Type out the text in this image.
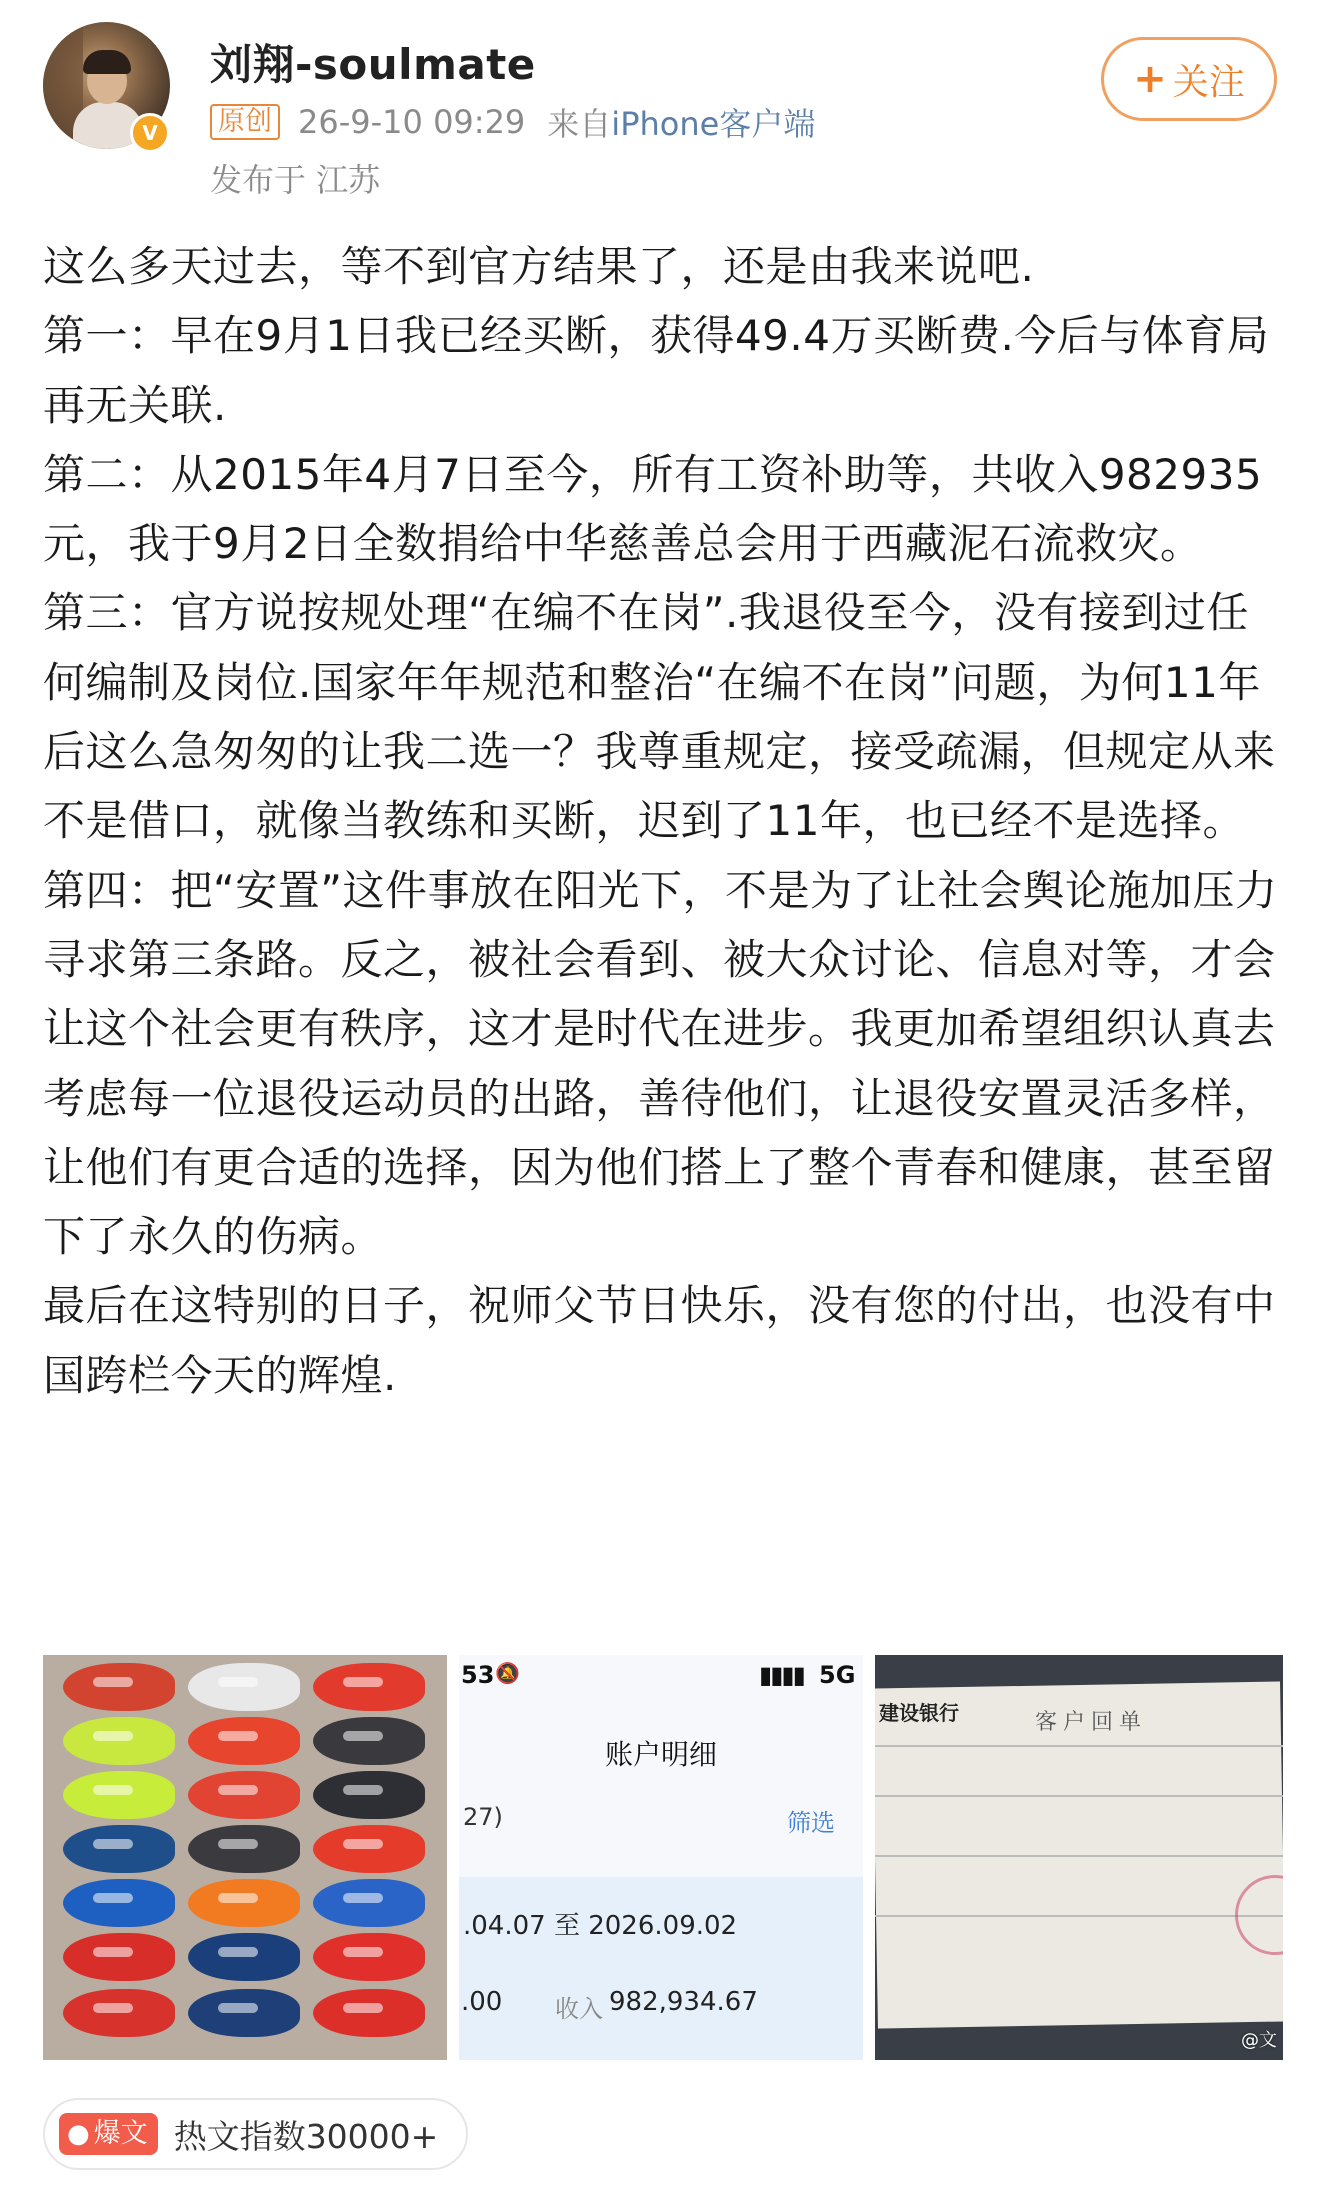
V
刘翔-soulmate
原创 26-9-10 09:29 来自 iPhone客户端
发布于 江苏
+ 关注

这么多天过去，等不到官方结果了，还是由我来说吧.

第一：早在9月1日我已经买断，获得49.4万买断费.今后与体育局再无关联.

第二：从2015年4月7日至今，所有工资补助等，共收入982935元，我于9月2日全数捐给中华慈善总会用于西藏泥石流救灾。

第三：官方说按规处理“在编不在岗”.我退役至今，没有接到过任何编制及岗位.国家年年规范和整治“在编不在岗”问题，为何11年后这么急匆匆的让我二选一？我尊重规定，接受疏漏，但规定从来不是借口，就像当教练和买断，迟到了11年，也已经不是选择。

第四：把“安置”这件事放在阳光下，不是为了让社会舆论施加压力寻求第三条路。反之，被社会看到、被大众讨论、信息对等，才会让这个社会更有秩序，这才是时代在进步。我更加希望组织认真去考虑每一位退役运动员的出路，善待他们，让退役安置灵活多样，让他们有更合适的选择，因为他们搭上了整个青春和健康，甚至留下了永久的伤病。

最后在这特别的日子，祝师父节日快乐，没有您的付出，也没有中国跨栏今天的辉煌.

53 🔕	▮▮▮▮ 5G
账户明细
27)	筛选
.04.07 至 2026.09.02
.00 收入 982,934.67
建设银行	客户回单
@文
● 爆文 热文指数30000+
